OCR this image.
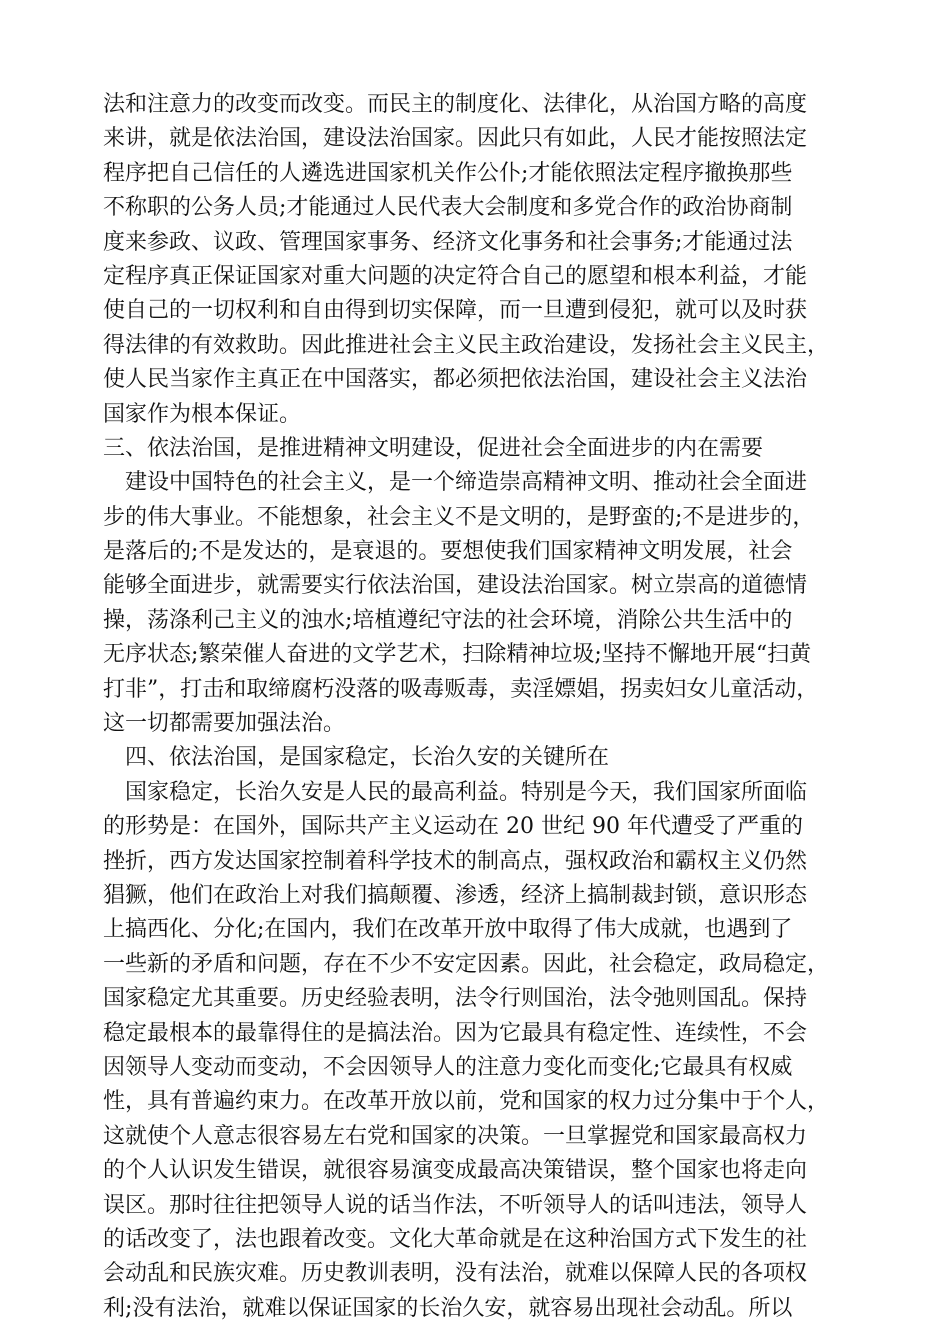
法和注意力的改变而改变。而民主的制度化、法律化，从治国方略的高度
来讲，就是依法治国，建设法治国家。因此只有如此，人民才能按照法定
程序把自己信任的人遴选进国家机关作公仆;才能依照法定程序撤换那些
不称职的公务人员;才能通过人民代表大会制度和多党合作的政治协商制
度来参政、议政、管理国家事务、经济文化事务和社会事务;才能通过法
定程序真正保证国家对重大问题的决定符合自己的愿望和根本利益，才能
使自己的一切权利和自由得到切实保障，而一旦遭到侵犯，就可以及时获
得法律的有效救助。因此推进社会主义民主政治建设，发扬社会主义民主，
使人民当家作主真正在中国落实，都必须把依法治国，建设社会主义法治
国家作为根本保证。
三、依法治国，是推进精神文明建设，促进社会全面进步的内在需要
建设中国特色的社会主义，是一个缔造崇高精神文明、推动社会全面进
步的伟大事业。不能想象，社会主义不是文明的，是野蛮的;不是进步的，
是落后的;不是发达的，是衰退的。要想使我们国家精神文明发展，社会
能够全面进步，就需要实行依法治国，建设法治国家。树立崇高的道德情
操，荡涤利己主义的浊水;培植遵纪守法的社会环境，消除公共生活中的
无序状态;繁荣催人奋进的文学艺术，扫除精神垃圾;坚持不懈地开展“扫黄
打非”，打击和取缔腐朽没落的吸毒贩毒，卖淫嫖娼，拐卖妇女儿童活动，
这一切都需要加强法治。
四、依法治国，是国家稳定，长治久安的关键所在
国家稳定，长治久安是人民的最高利益。特别是今天，我们国家所面临
的形势是：在国外，国际共产主义运动在 20 世纪 90 年代遭受了严重的
挫折，西方发达国家控制着科学技术的制高点，强权政治和霸权主义仍然
猖獗，他们在政治上对我们搞颠覆、渗透，经济上搞制裁封锁，意识形态
上搞西化、分化;在国内，我们在改革开放中取得了伟大成就，也遇到了
一些新的矛盾和问题，存在不少不安定因素。因此，社会稳定，政局稳定，
国家稳定尤其重要。历史经验表明，法令行则国治，法令弛则国乱。保持
稳定最根本的最靠得住的是搞法治。因为它最具有稳定性、连续性，不会
因领导人变动而变动，不会因领导人的注意力变化而变化;它最具有权威
性，具有普遍约束力。在改革开放以前，党和国家的权力过分集中于个人，
这就使个人意志很容易左右党和国家的决策。一旦掌握党和国家最高权力
的个人认识发生错误，就很容易演变成最高决策错误，整个国家也将走向
误区。那时往往把领导人说的话当作法，不听领导人的话叫违法，领导人
的话改变了，法也跟着改变。文化大革命就是在这种治国方式下发生的社
会动乱和民族灾难。历史教训表明，没有法治，就难以保障人民的各项权
利;没有法治，就难以保证国家的长治久安，就容易出现社会动乱。所以
